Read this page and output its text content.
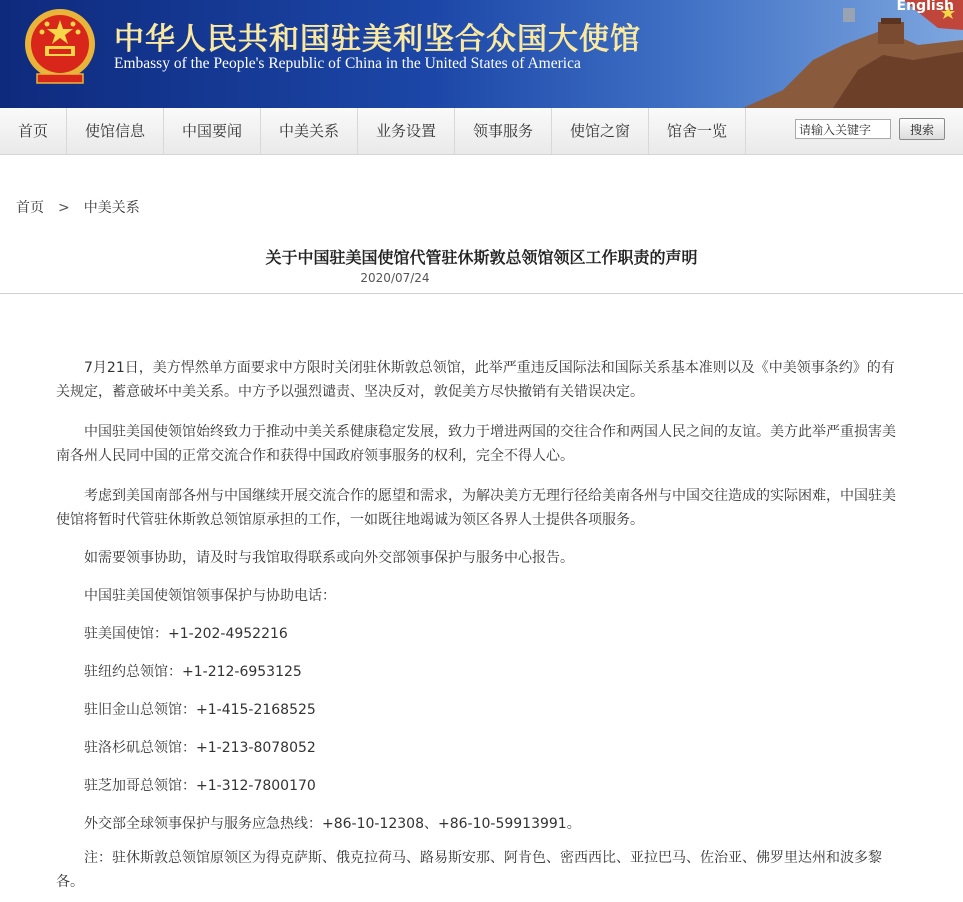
中华人民共和国驻美利坚合众国大使馆
Embassy of the People's Republic of China in the United States of America
English
首页	使馆信息	中国要闻	中美关系	业务设置	领事服务	使馆之窗	馆舍一览
请输入关键字	搜索
首页 > 中美关系
关于中国驻美国使馆代管驻休斯敦总领馆领区工作职责的声明
2020/07/24

7月21日，美方悍然单方面要求中方限时关闭驻休斯敦总领馆，此举严重违反国际法和国际关系基本准则以及《中美领事条约》的有关规定，蓄意破坏中美关系。中方予以强烈谴责、坚决反对，敦促美方尽快撤销有关错误决定。

中国驻美国使领馆始终致力于推动中美关系健康稳定发展，致力于增进两国的交往合作和两国人民之间的友谊。美方此举严重损害美南各州人民同中国的正常交流合作和获得中国政府领事服务的权利，完全不得人心。

考虑到美国南部各州与中国继续开展交流合作的愿望和需求，为解决美方无理行径给美南各州与中国交往造成的实际困难，中国驻美使馆将暂时代管驻休斯敦总领馆原承担的工作，一如既往地竭诚为领区各界人士提供各项服务。

如需要领事协助，请及时与我馆取得联系或向外交部领事保护与服务中心报告。
中国驻美国使领馆领事保护与协助电话：
驻美国使馆：+1-202-4952216
驻纽约总领馆：+1-212-6953125
驻旧金山总领馆：+1-415-2168525
驻洛杉矶总领馆：+1-213-8078052
驻芝加哥总领馆：+1-312-7800170
外交部全球领事保护与服务应急热线：+86-10-12308、+86-10-59913991。

注：驻休斯敦总领馆原领区为得克萨斯、俄克拉荷马、路易斯安那、阿肯色、密西西比、亚拉巴马、佐治亚、佛罗里达州和波多黎各。
